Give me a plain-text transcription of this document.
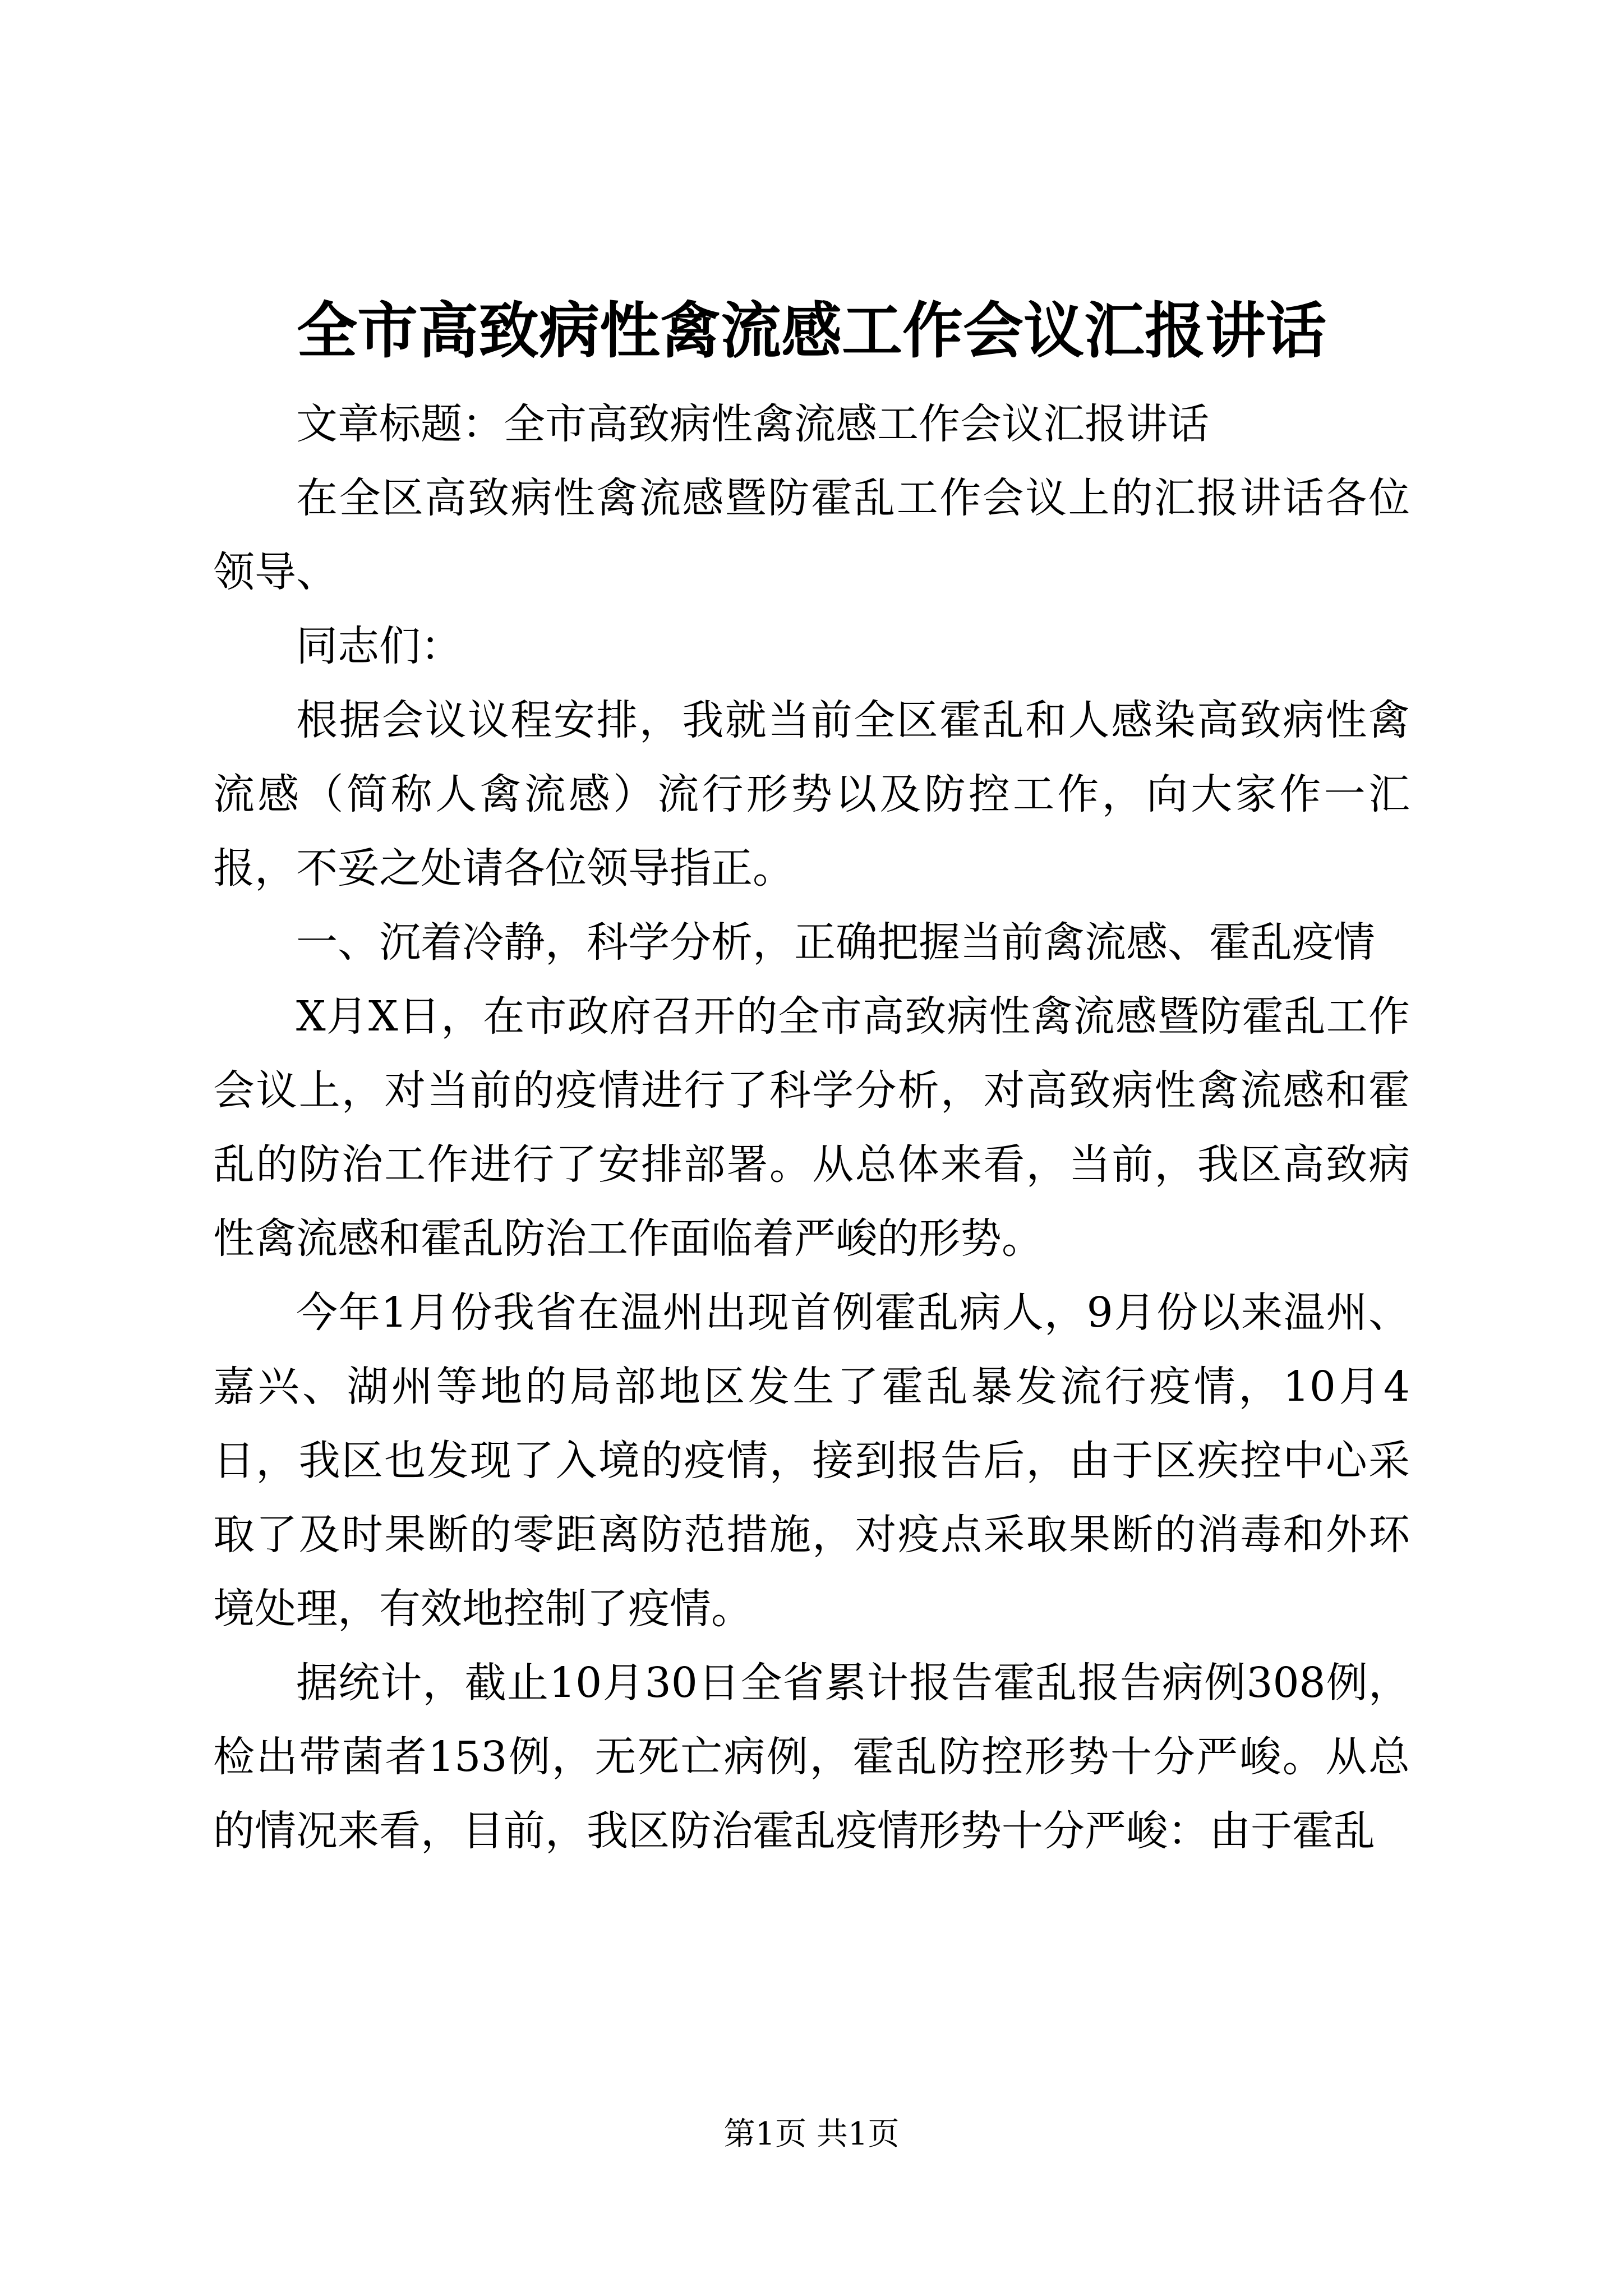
全市高致病性禽流感工作会议汇报讲话

文章标题：全市高致病性禽流感工作会议汇报讲话

在全区高致病性禽流感暨防霍乱工作会议上的汇报讲话各位领导、

同志们：

根据会议议程安排，我就当前全区霍乱和人感染高致病性禽流感（简称人禽流感）流行形势以及防控工作，向大家作一汇报，不妥之处请各位领导指正。

一、沉着冷静，科学分析，正确把握当前禽流感、霍乱疫情

X月X日，在市政府召开的全市高致病性禽流感暨防霍乱工作会议上，对当前的疫情进行了科学分析，对高致病性禽流感和霍乱的防治工作进行了安排部署。从总体来看，当前，我区高致病性禽流感和霍乱防治工作面临着严峻的形势。

今年1月份我省在温州出现首例霍乱病人，9月份以来温州、嘉兴、湖州等地的局部地区发生了霍乱暴发流行疫情，10月4日，我区也发现了入境的疫情，接到报告后，由于区疾控中心采取了及时果断的零距离防范措施，对疫点采取果断的消毒和外环境处理，有效地控制了疫情。

据统计，截止10月30日全省累计报告霍乱报告病例308例，检出带菌者153例，无死亡病例，霍乱防控形势十分严峻。从总的情况来看，目前，我区防治霍乱疫情形势十分严峻：由于霍乱

第1页 共1页
